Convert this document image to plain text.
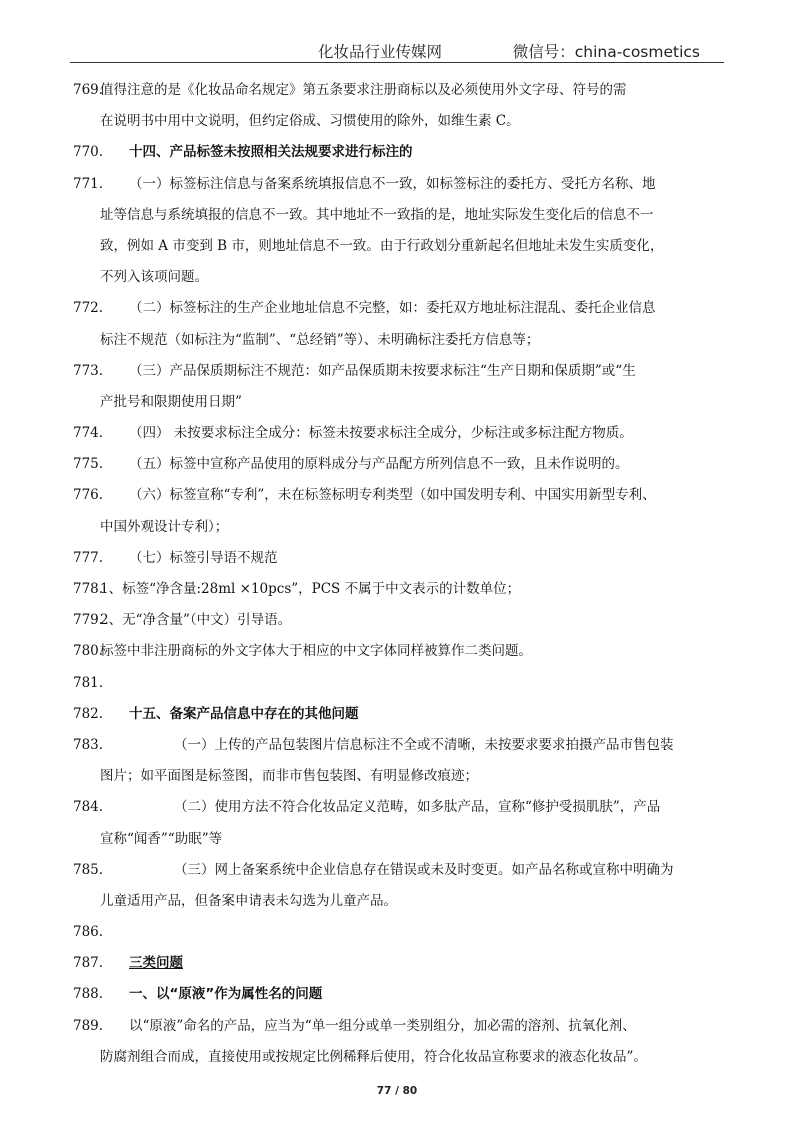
化妆品行业传媒网	微信号：china-cosmetics
769.
值得注意的是《化妆品命名规定》第五条要求注册商标以及必须使用外文字母、符号的需
在说明书中用中文说明，但约定俗成、习惯使用的除外，如维生素 C。
770.	十四、产品标签未按照相关法规要求进行标注的
771.	（一）标签标注信息与备案系统填报信息不一致，如标签标注的委托方、受托方名称、地
址等信息与系统填报的信息不一致。其中地址不一致指的是，地址实际发生变化后的信息不一
致，例如 A 市变到 B 市，则地址信息不一致。由于行政划分重新起名但地址未发生实质变化，
不列入该项问题。
772.	（二）标签标注的生产企业地址信息不完整，如：委托双方地址标注混乱、委托企业信息
标注不规范（如标注为“监制”、“总经销”等）、未明确标注委托方信息等；
773.	（三）产品保质期标注不规范：如产品保质期未按要求标注“生产日期和保质期”或“生
产批号和限期使用日期”
774.	（四） 未按要求标注全成分：标签未按要求标注全成分，少标注或多标注配方物质。
775.	（五）标签中宣称产品使用的原料成分与产品配方所列信息不一致，且未作说明的。
776.	（六）标签宣称“专利”，未在标签标明专利类型（如中国发明专利、中国实用新型专利、
中国外观设计专利）；
777.	（七）标签引导语不规范
778.
1、标签“净含量:28ml ×10pcs”，PCS 不属于中文表示的计数单位；
779.
2、无“净含量”（中文）引导语。
780.
标签中非注册商标的外文字体大于相应的中文字体同样被算作二类问题。
781.
782.	十五、备案产品信息中存在的其他问题
783.	（一）上传的产品包装图片信息标注不全或不清晰，未按要求要求拍摄产品市售包装
图片；如平面图是标签图，而非市售包装图、有明显修改痕迹；
784.	（二）使用方法不符合化妆品定义范畴，如多肽产品，宣称“修护受损肌肤”，产品
宣称“闻香”“助眠”等
785.	（三）网上备案系统中企业信息存在错误或未及时变更。如产品名称或宣称中明确为
儿童适用产品，但备案申请表未勾选为儿童产品。
786.
787.	三类问题
788.	一、以“原液”作为属性名的问题
789.	以“原液”命名的产品，应当为“单一组分或单一类别组分，加必需的溶剂、抗氧化剂、
防腐剂组合而成，直接使用或按规定比例稀释后使用，符合化妆品宣称要求的液态化妆品”。
77 / 80
